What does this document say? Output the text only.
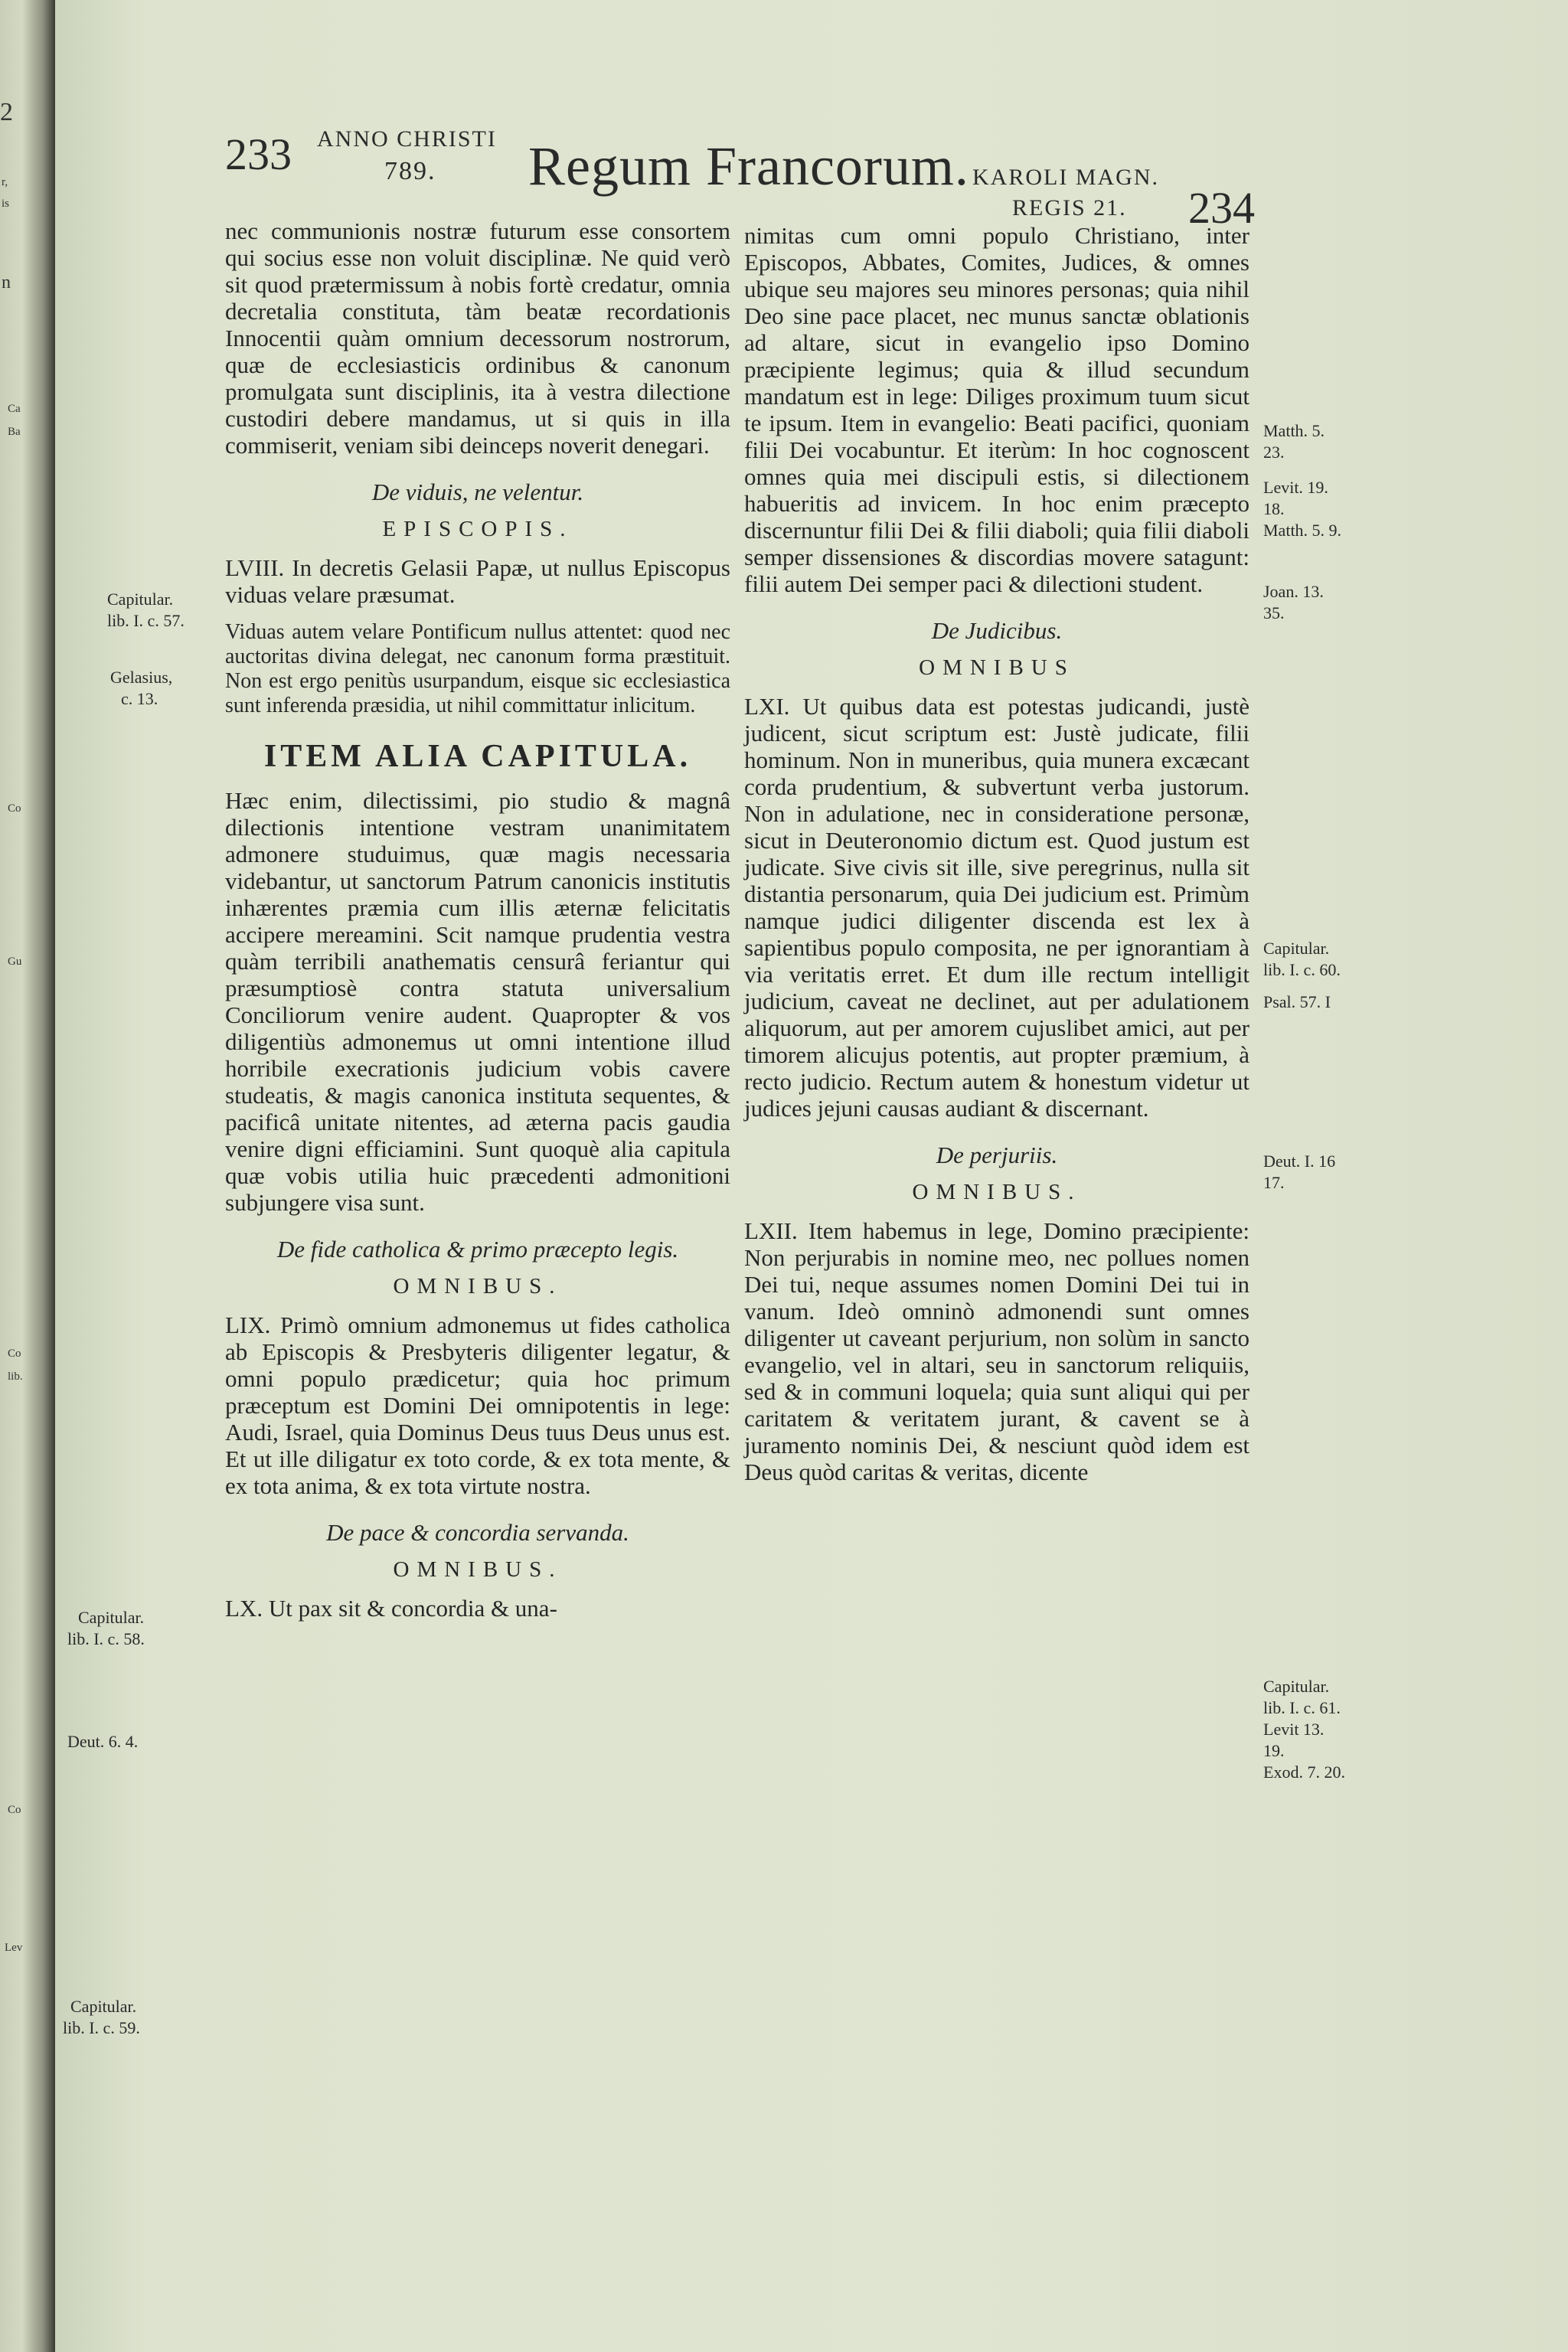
2
r,
is
n
Ca
Ba
Co
Gu
Co
lib.
Co
Lev
233 ANNO CHRISTI
789. Regum Francorum. KAROLI MAGN.
REGIS 21. 234

nec communionis nostræ futurum esse consortem qui socius esse non voluit disciplinæ. Ne quid verò sit quod prætermissum à nobis fortè credatur, omnia decretalia constituta, tàm beatæ recordationis Innocentii quàm omnium decessorum nostrorum, quæ de ecclesiasticis ordinibus & canonum promulgata sunt disciplinis, ita à vestra dilectione custodiri debere mandamus, ut si quis in illa commiserit, veniam sibi deinceps noverit denegari.

De viduis, ne velentur.
EPISCOPIS.

LVIII. In decretis Gelasii Papæ, ut nullus Episcopus viduas velare præsumat.

Viduas autem velare Pontificum nullus attentet: quod nec auctoritas divina delegat, nec canonum forma præstituit. Non est ergo penitùs usurpandum, eisque sic ecclesiastica sunt inferenda præsidia, ut nihil committatur inlicitum.

ITEM ALIA CAPITULA.

Hæc enim, dilectissimi, pio studio & magnâ dilectionis intentione vestram unanimitatem admonere studuimus, quæ magis necessaria videbantur, ut sanctorum Patrum canonicis institutis inhærentes præmia cum illis æternæ felicitatis accipere mereamini. Scit namque prudentia vestra quàm terribili anathematis censurâ feriantur qui præsumptiosè contra statuta universalium Conciliorum venire audent. Quapropter & vos diligentiùs admonemus ut omni intentione illud horribile execrationis judicium vobis cavere studeatis, & magis canonica instituta sequentes, & pacificâ unitate nitentes, ad æterna pacis gaudia venire digni efficiamini. Sunt quoquè alia capitula quæ vobis utilia huic præcedenti admonitioni subjungere visa sunt.

De fide catholica & primo præcepto legis.
OMNIBUS.

LIX. Primò omnium admonemus ut fides catholica ab Episcopis & Presbyteris diligenter legatur, & omni populo prædicetur; quia hoc primum præceptum est Domini Dei omnipotentis in lege: Audi, Israel, quia Dominus Deus tuus Deus unus est. Et ut ille diligatur ex toto corde, & ex tota mente, & ex tota anima, & ex tota virtute nostra.

De pace & concordia servanda.
OMNIBUS.

LX. Ut pax sit & concordia & una-

nimitas cum omni populo Christiano, inter Episcopos, Abbates, Comites, Judices, & omnes ubique seu majores seu minores personas; quia nihil Deo sine pace placet, nec munus sanctæ oblationis ad altare, sicut in evangelio ipso Domino præcipiente legimus; quia & illud secundum mandatum est in lege: Diliges proximum tuum sicut te ipsum. Item in evangelio: Beati pacifici, quoniam filii Dei vocabuntur. Et iterùm: In hoc cognoscent omnes quia mei discipuli estis, si dilectionem habueritis ad invicem. In hoc enim præcepto discernuntur filii Dei & filii diaboli; quia filii diaboli semper dissensiones & discordias movere satagunt: filii autem Dei semper paci & dilectioni student.

De Judicibus.
OMNIBUS

LXI. Ut quibus data est potestas judicandi, justè judicent, sicut scriptum est: Justè judicate, filii hominum. Non in muneribus, quia munera excæcant corda prudentium, & subvertunt verba justorum. Non in adulatione, nec in consideratione personæ, sicut in Deuteronomio dictum est. Quod justum est judicate. Sive civis sit ille, sive peregrinus, nulla sit distantia personarum, quia Dei judicium est. Primùm namque judici diligenter discenda est lex à sapientibus populo composita, ne per ignorantiam à via veritatis erret. Et dum ille rectum intelligit judicium, caveat ne declinet, aut per adulationem aliquorum, aut per amorem cujuslibet amici, aut per timorem alicujus potentis, aut propter præmium, à recto judicio. Rectum autem & honestum videtur ut judices jejuni causas audiant & discernant.

De perjuriis.
OMNIBUS.

LXII. Item habemus in lege, Domino præcipiente: Non perjurabis in nomine meo, nec pollues nomen Dei tui, neque assumes nomen Domini Dei tui in vanum. Ideò omninò admonendi sunt omnes diligenter ut caveant perjurium, non solùm in sancto evangelio, vel in altari, seu in sanctorum reliquiis, sed & in communi loquela; quia sunt aliqui qui per caritatem & veritatem jurant, & cavent se à juramento nominis Dei, & nesciunt quòd idem est Deus quòd caritas & veritas, dicente

Capitular.
lib. I. c. 57.
Gelasius,
c. 13.
Capitular.
lib. I. c. 58.
Deut. 6. 4.
Capitular.
lib. I. c. 59.
Matth. 5.
23.
Levit. 19.
18.
Matth. 5. 9.
Joan. 13.
35.
Capitular.
lib. I. c. 60.
Psal. 57. I
Deut. I. 16
17.
Capitular.
lib. I. c. 61.
Levit 13.
19.
Exod. 7. 20.
